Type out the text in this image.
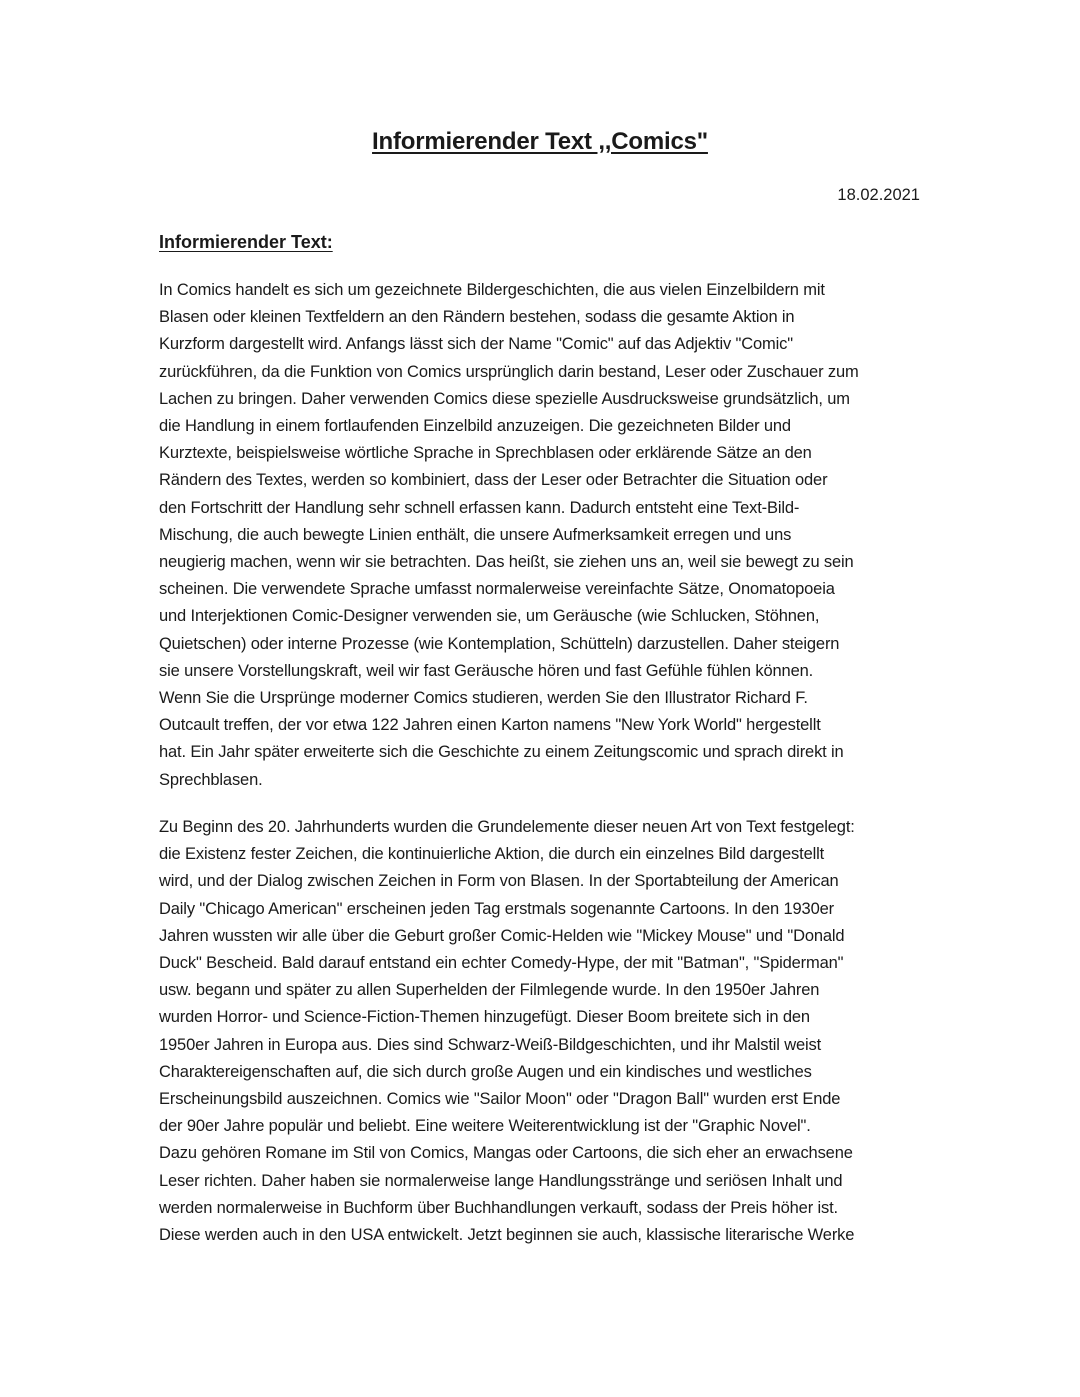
Informierender Text ,,Comics"

18.02.2021

Informierender Text:

In Comics handelt es sich um gezeichnete Bildergeschichten, die aus vielen Einzelbildern mit
Blasen oder kleinen Textfeldern an den Rändern bestehen, sodass die gesamte Aktion in
Kurzform dargestellt wird. Anfangs lässt sich der Name "Comic" auf das Adjektiv "Comic"
zurückführen, da die Funktion von Comics ursprünglich darin bestand, Leser oder Zuschauer zum
Lachen zu bringen. Daher verwenden Comics diese spezielle Ausdrucksweise grundsätzlich, um
die Handlung in einem fortlaufenden Einzelbild anzuzeigen. Die gezeichneten Bilder und
Kurztexte, beispielsweise wörtliche Sprache in Sprechblasen oder erklärende Sätze an den
Rändern des Textes, werden so kombiniert, dass der Leser oder Betrachter die Situation oder
den Fortschritt der Handlung sehr schnell erfassen kann. Dadurch entsteht eine Text-Bild-
Mischung, die auch bewegte Linien enthält, die unsere Aufmerksamkeit erregen und uns
neugierig machen, wenn wir sie betrachten. Das heißt, sie ziehen uns an, weil sie bewegt zu sein
scheinen. Die verwendete Sprache umfasst normalerweise vereinfachte Sätze, Onomatopoeia
und Interjektionen Comic-Designer verwenden sie, um Geräusche (wie Schlucken, Stöhnen,
Quietschen) oder interne Prozesse (wie Kontemplation, Schütteln) darzustellen. Daher steigern
sie unsere Vorstellungskraft, weil wir fast Geräusche hören und fast Gefühle fühlen können.
Wenn Sie die Ursprünge moderner Comics studieren, werden Sie den Illustrator Richard F.
Outcault treffen, der vor etwa 122 Jahren einen Karton namens "New York World" hergestellt
hat. Ein Jahr später erweiterte sich die Geschichte zu einem Zeitungscomic und sprach direkt in
Sprechblasen.

Zu Beginn des 20. Jahrhunderts wurden die Grundelemente dieser neuen Art von Text festgelegt:
die Existenz fester Zeichen, die kontinuierliche Aktion, die durch ein einzelnes Bild dargestellt
wird, und der Dialog zwischen Zeichen in Form von Blasen. In der Sportabteilung der American
Daily "Chicago American" erscheinen jeden Tag erstmals sogenannte Cartoons. In den 1930er
Jahren wussten wir alle über die Geburt großer Comic-Helden wie "Mickey Mouse" und "Donald
Duck" Bescheid. Bald darauf entstand ein echter Comedy-Hype, der mit "Batman", "Spiderman"
usw. begann und später zu allen Superhelden der Filmlegende wurde. In den 1950er Jahren
wurden Horror- und Science-Fiction-Themen hinzugefügt. Dieser Boom breitete sich in den
1950er Jahren in Europa aus. Dies sind Schwarz-Weiß-Bildgeschichten, und ihr Malstil weist
Charaktereigenschaften auf, die sich durch große Augen und ein kindisches und westliches
Erscheinungsbild auszeichnen. Comics wie "Sailor Moon" oder "Dragon Ball" wurden erst Ende
der 90er Jahre populär und beliebt. Eine weitere Weiterentwicklung ist der "Graphic Novel".
Dazu gehören Romane im Stil von Comics, Mangas oder Cartoons, die sich eher an erwachsene
Leser richten. Daher haben sie normalerweise lange Handlungsstränge und seriösen Inhalt und
werden normalerweise in Buchform über Buchhandlungen verkauft, sodass der Preis höher ist.
Diese werden auch in den USA entwickelt. Jetzt beginnen sie auch, klassische literarische Werke
